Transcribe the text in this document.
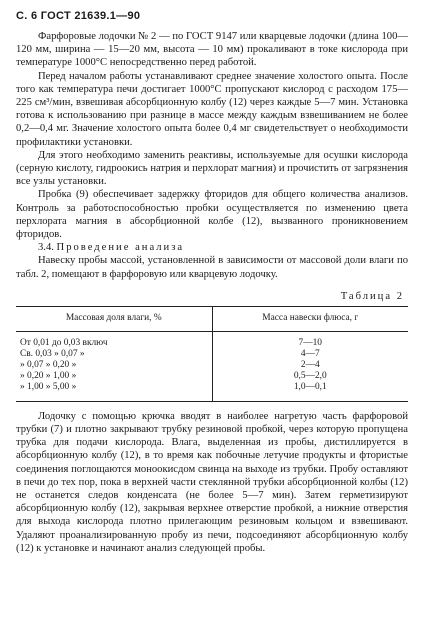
С. 6 ГОСТ 21639.1—90

Фарфоровые лодочки № 2 — по ГОСТ 9147 или кварцевые лодочки (длина 100—120 мм, ширина — 15—20 мм, высота — 10 мм) прокаливают в токе кислорода при температуре 1000°С непосредственно перед работой.

Перед началом работы устанавливают среднее значение холостого опыта. После того как температура печи достигает 1000°С пропускают кислород с расходом 175—225 см³/мин, взвешивая абсорбционную колбу (12) через каждые 5—7 мин. Установка готова к использованию при разнице в массе между каждым взвешиванием не более 0,2—0,4 мг. Значение холостого опыта более 0,4 мг свидетельствует о необходимости профилактики установки.

Для этого необходимо заменить реактивы, используемые для осушки кислорода (серную кислоту, гидроокись натрия и перхлорат магния) и прочистить от загрязнения все узлы установки.

Пробка (9) обеспечивает задержку фторидов для общего количества анализов. Контроль за работоспособностью пробки осуществляется по изменению цвета перхлората магния в абсорбционной колбе (12), вызванного проникновением фторидов.

3.4. Проведение анализа

Навеску пробы массой, установленной в зависимости от массовой доли влаги по табл. 2, помещают в фарфоровую или кварцевую лодочку.

Таблица 2
Массовая доля влаги, %	Масса навески флюса, г
От 0,01 до 0,03 включ	7—10
Св. 0,03 » 0,07 »	4—7
» 0,07 » 0,20 »	2—4
» 0,20 » 1,00 »	0,5—2,0
» 1,00 » 5,00 »	1,0—0,1

Лодочку с помощью крючка вводят в наиболее нагретую часть фарфоровой трубки (7) и плотно закрывают трубку резиновой пробкой, через которую пропущена трубка для подачи кислорода. Влага, выделенная из пробы, дистиллируется в абсорбционную колбу (12), в то время как побочные летучие продукты и фтористые соединения поглощаются моноокисдом свинца на выходе из трубки. Пробу оставляют в печи до тех пор, пока в верхней части стеклянной трубки абсорбционной колбы (12) не останется следов конденсата (не более 5—7 мин). Затем герметизируют абсорбционную колбу (12), закрывая верхнее отверстие пробкой, а нижние отверстия для выхода кислорода плотно прилегающим резиновым кольцом и взвешивают. Удаляют проанализированную пробу из печи, подсоединяют абсорбционную колбу (12) к установке и начинают анализ следующей пробы.
